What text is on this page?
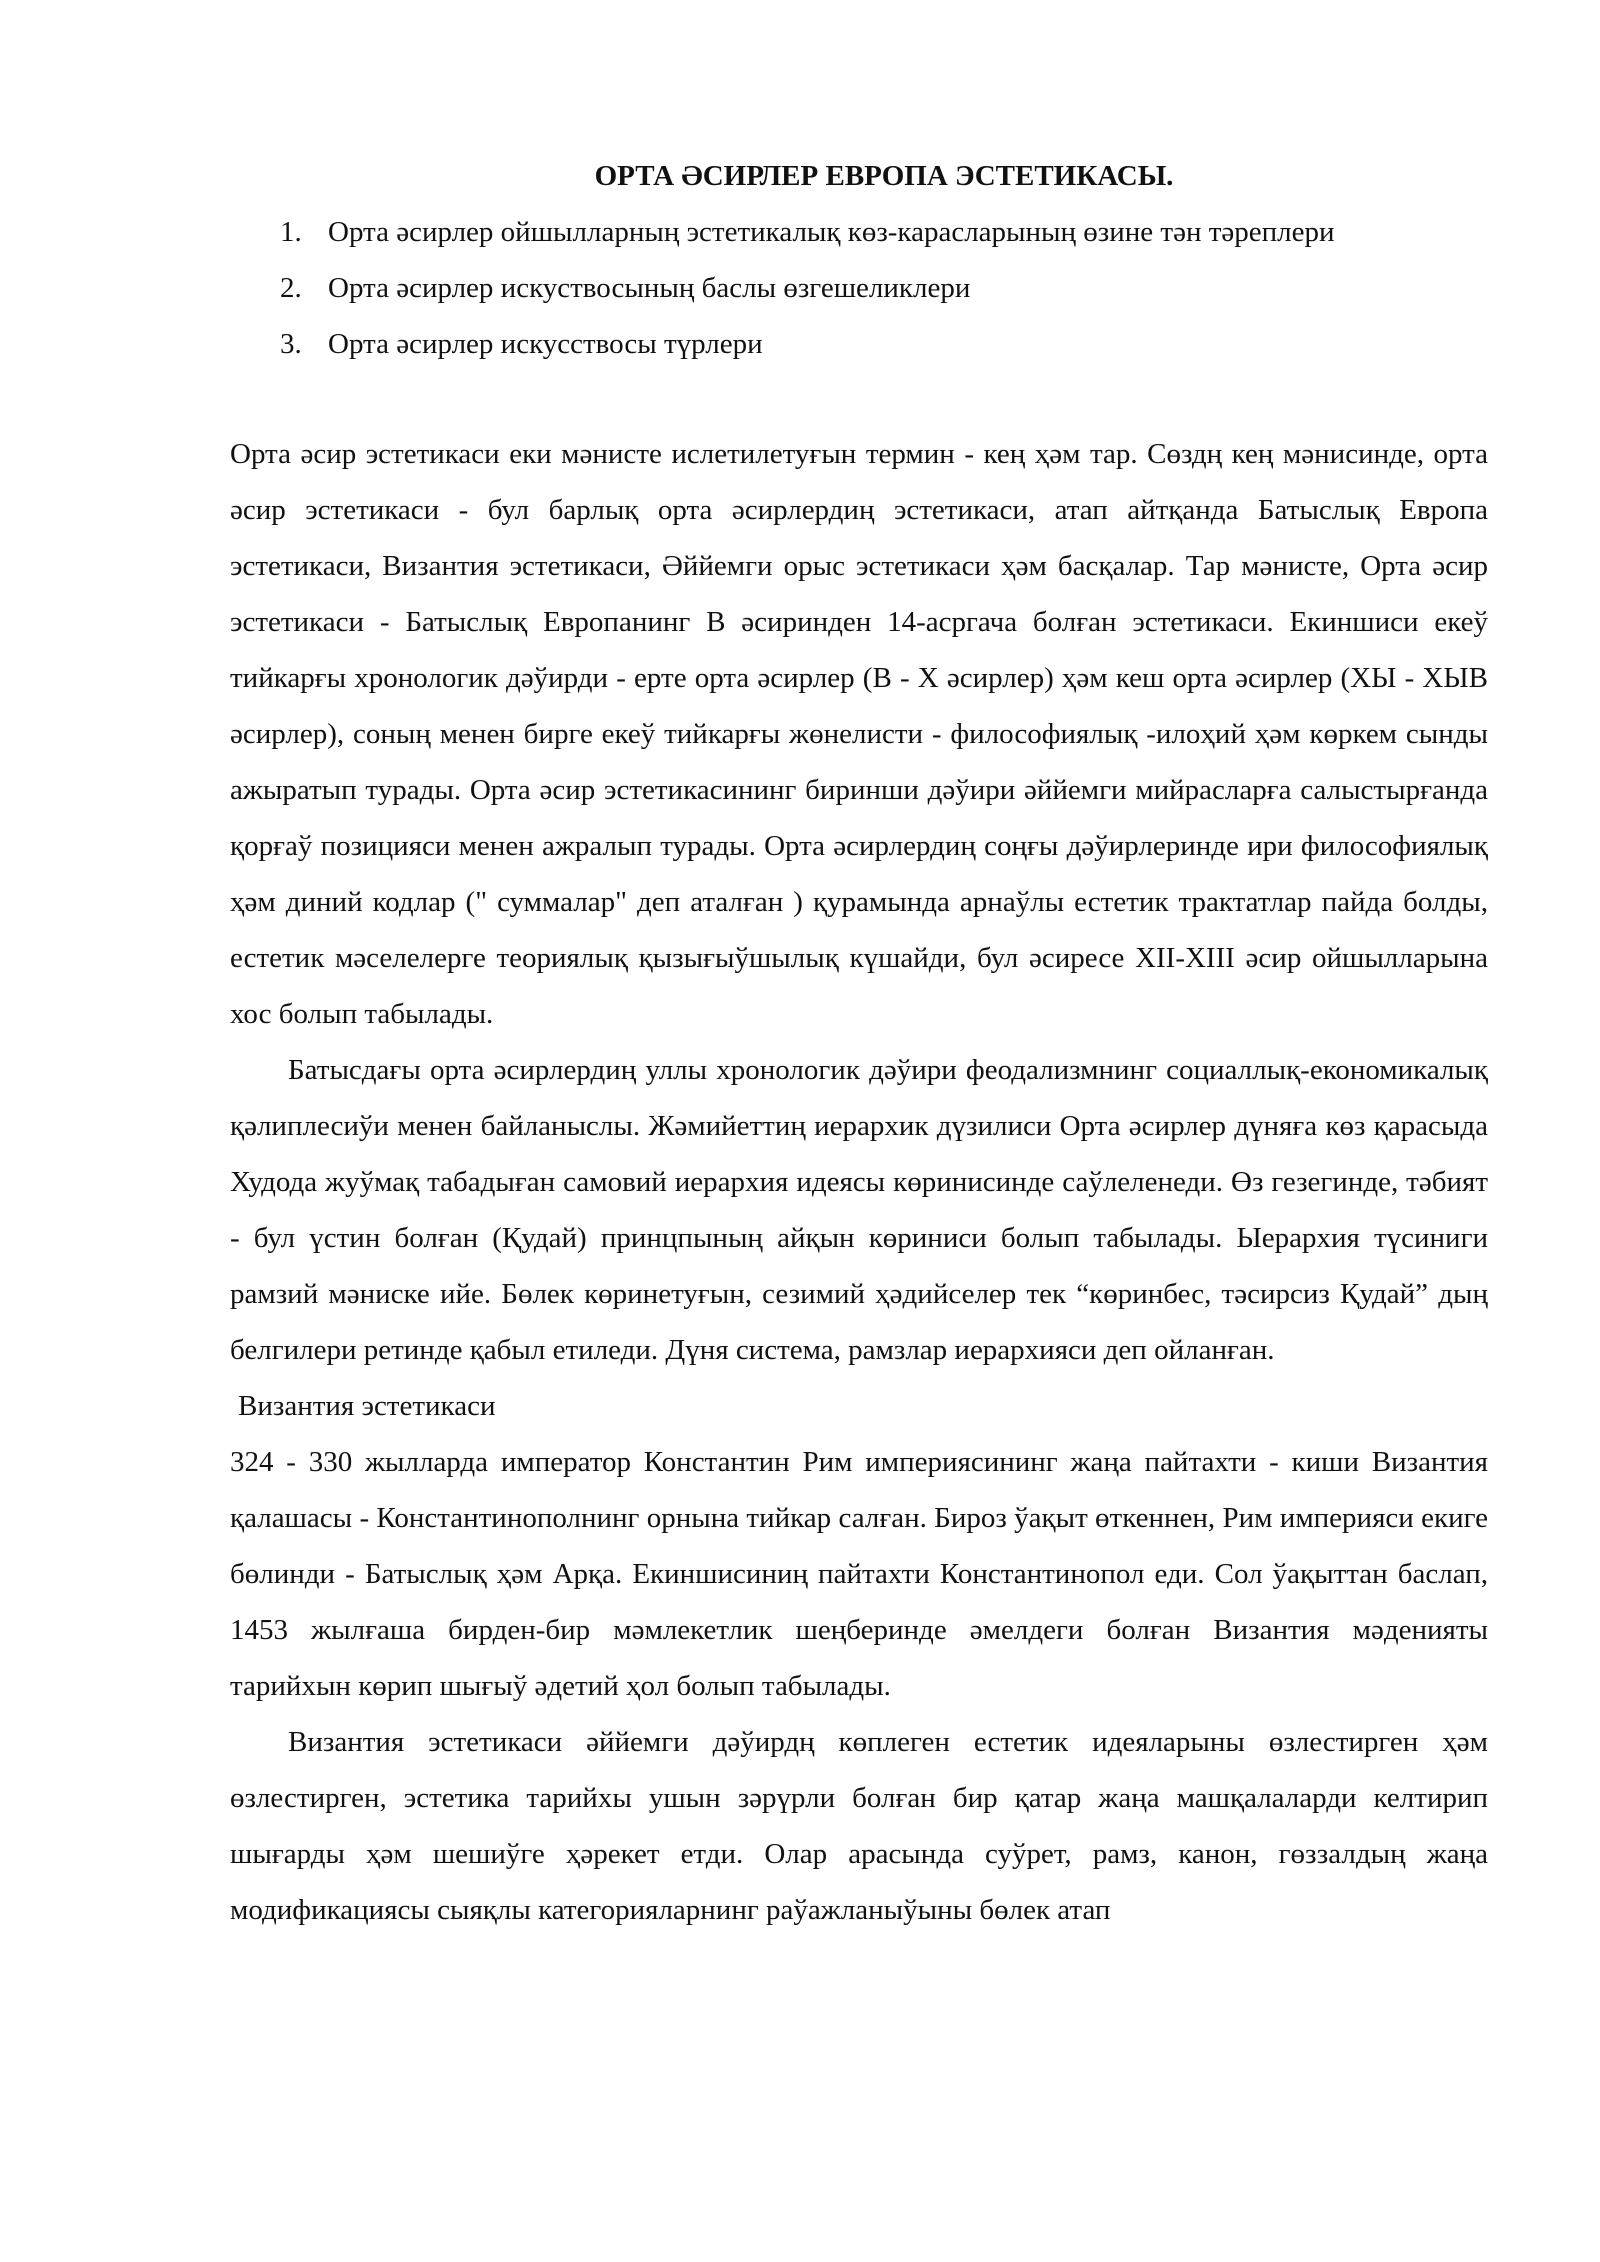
ОРТА ӘСИРЛЕР ЕВРОПА ЭСТЕТИКАСЫ.

1. Орта әсирлер ойшылларның эстетикалық көз-карасларының өзине тән тәреплери
2. Орта әсирлер искуствосының баслы өзгешеликлери
3. Орта әсирлер искусствосы түрлери

Орта әсир эстетикаси еки мәнисте ислетилетуғын термин - кең ҳәм тар. Сөздң кең мәнисинде, орта әсир эстетикаси - бул барлық орта әсирлердиң эстетикаси, атап айтқанда Батыслық Европа эстетикаси, Византия эстетикаси, Әййемги орыс эстетикаси ҳәм басқалар. Тар мәнисте, Орта әсир эстетикаси - Батыслық Европанинг В әсиринден 14-асргача болған эстетикаси. Екиншиси екеў тийкарғы хронологик дәўирди - ерте орта әсирлер (В - Х әсирлер) ҳәм кеш орта әсирлер (ХЫ - ХЫВ әсирлер), соның менен бирге екеў тийкарғы жөнелисти - философиялық -илоҳий ҳәм көркем сынды ажыратып турады. Орта әсир эстетикасининг биринши дәўири әййемги мийрасларға салыстырғанда қорғаў позицияси менен ажралып турады. Орта әсирлердиң соңғы дәўирлеринде ири философиялық ҳәм диний кодлар (" суммалар" деп аталған ) қурамында арнаўлы естетик трактатлар пайда болды, естетик мәселелерге теориялық қызығыўшылық күшайди, бул әсиресе XII-XIII әсир ойшылларына хос болып табылады.

Батысдағы орта әсирлердиң уллы хронологик дәўири феодализмнинг социаллық-економикалық қәлиплесиўи менен байланыслы. Жәмийеттиң иерархик дүзилиси Орта әсирлер дүняға көз қарасыда Худода жуўмақ табадыған самовий иерархия идеясы көринисинде саўлеленеди. Өз гезегинде, тәбият - бул үстин болған (Қудай) принцпының айқын көриниси болып табылады. Ыерархия түсиниги рамзий мәниске ийе. Бөлек көринетуғын, сезимий ҳәдийселер тек “көринбес, тәсирсиз Қудай” дың белгилери ретинде қабыл етиледи. Дүня система, рамзлар иерархияси деп ойланған.

Византия эстетикаси

324 - 330 жылларда император Константин Рим империясининг жаңа пайтахти - киши Византия қалашасы - Константинополнинг орнына тийкар салған. Бироз ўақыт өткеннен, Рим империяси екиге бөлинди - Батыслық ҳәм Арқа. Екиншисиниң пайтахти Константинопол еди. Сол ўақыттан баслап, 1453 жылғаша бирден-бир мәмлекетлик шеңберинде әмелдеги болған Византия мәденияты тарийхын көрип шығыў әдетий ҳол болып табылады.

Византия эстетикаси әййемги дәўирдң көплеген естетик идеяларыны өзлестирген ҳәм өзлестирген, эстетика тарийхы ушын зәрүрли болған бир қатар жаңа машқалаларди келтирип шығарды ҳәм шешиўге ҳәрекет етди. Олар арасында суўрет, рамз, канон, гөззалдың жаңа модификациясы сыяқлы категорияларнинг раўажланыўыны бөлек атап
